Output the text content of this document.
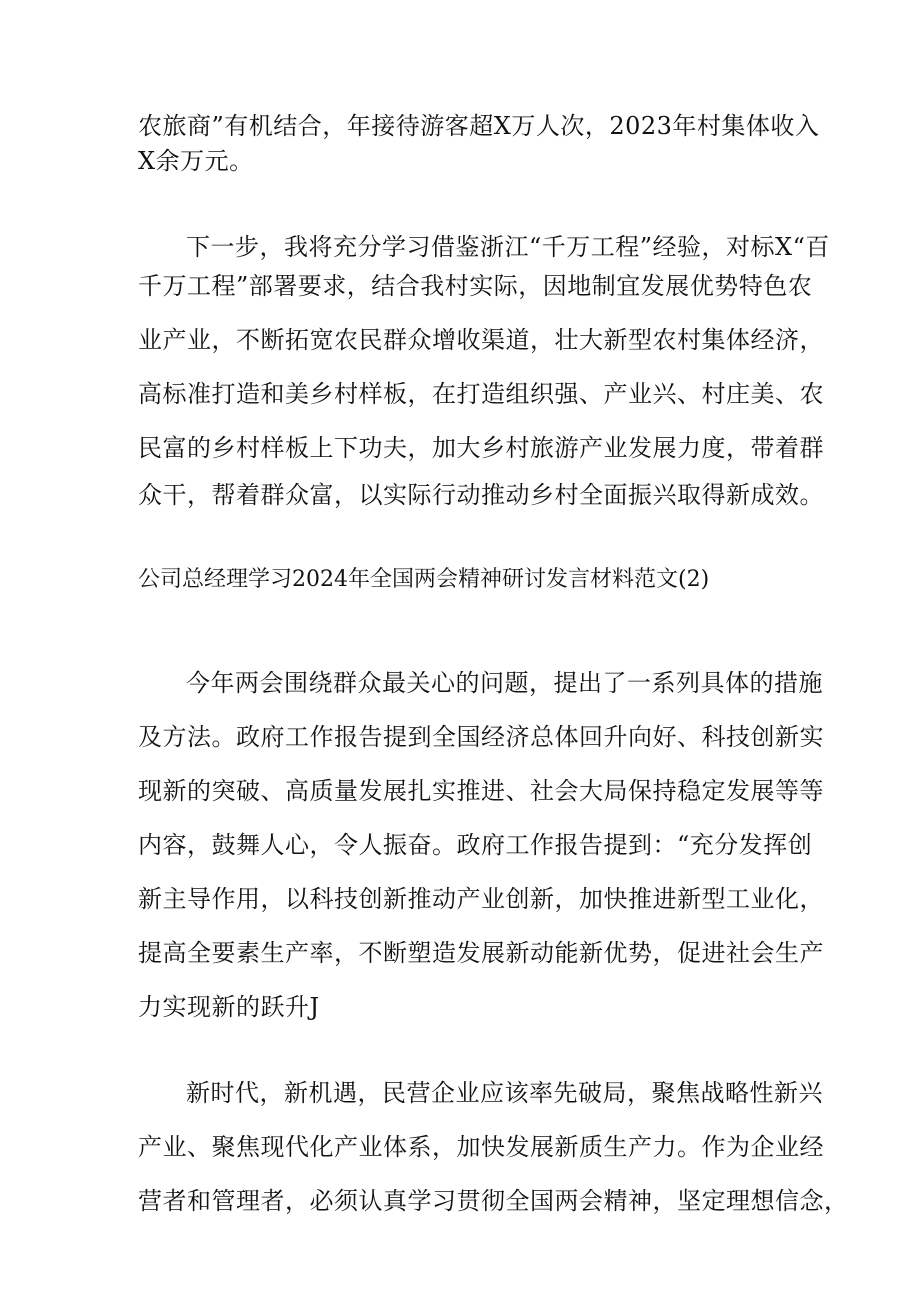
农旅商”有机结合，年接待游客超X万人次，2023年村集体收入
X余万元。
下一步，我将充分学习借鉴浙江“千万工程”经验，对标X“百
千万工程”部署要求，结合我村实际，因地制宜发展优势特色农
业产业，不断拓宽农民群众增收渠道，壮大新型农村集体经济，
高标准打造和美乡村样板，在打造组织强、产业兴、村庄美、农
民富的乡村样板上下功夫，加大乡村旅游产业发展力度，带着群
众干，帮着群众富，以实际行动推动乡村全面振兴取得新成效。
公司总经理学习2024年全国两会精神研讨发言材料范文(2)
今年两会围绕群众最关心的问题，提出了一系列具体的措施
及方法。政府工作报告提到全国经济总体回升向好、科技创新实
现新的突破、高质量发展扎实推进、社会大局保持稳定发展等等
内容，鼓舞人心，令人振奋。政府工作报告提到：“充分发挥创
新主导作用，以科技创新推动产业创新，加快推进新型工业化，
提高全要素生产率，不断塑造发展新动能新优势，促进社会生产
力实现新的跃升J
新时代，新机遇，民营企业应该率先破局，聚焦战略性新兴
产业、聚焦现代化产业体系，加快发展新质生产力。作为企业经
营者和管理者，必须认真学习贯彻全国两会精神，坚定理想信念，
